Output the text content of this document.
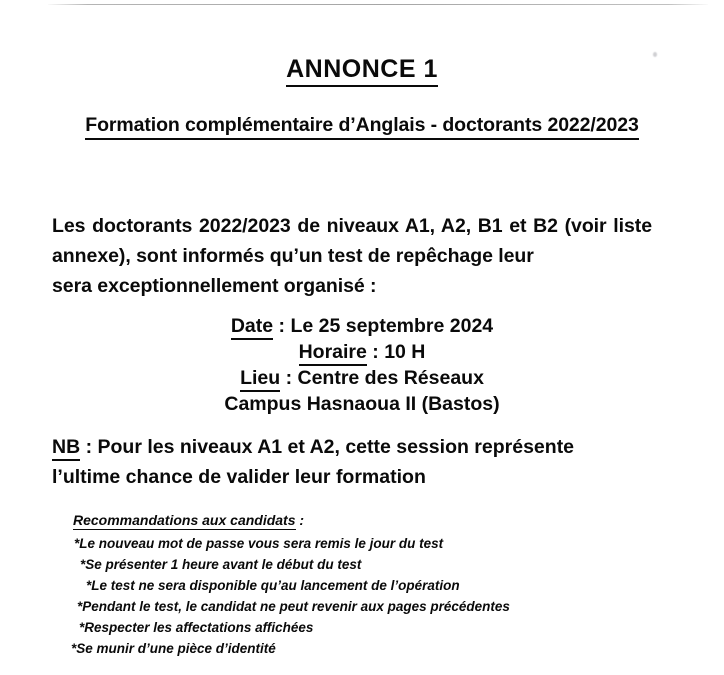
ANNONCE 1
Formation complémentaire d’Anglais - doctorants 2022/2023
Les doctorants 2022/2023 de niveaux A1, A2, B1 et B2 (voir liste annexe), sont informés qu’un test de repêchage leur
sera exceptionnellement organisé :
Date : Le 25 septembre 2024
Horaire : 10 H
Lieu : Centre des Réseaux
Campus Hasnaoua II (Bastos)
NB : Pour les niveaux A1 et A2, cette session représente
l’ultime chance de valider leur formation
Recommandations aux candidats :
*Le nouveau mot de passe vous sera remis le jour du test
*Se présenter 1 heure avant le début du test
*Le test ne sera disponible qu’au lancement de l’opération
*Pendant le test, le candidat ne peut revenir aux pages précédentes
*Respecter les affectations affichées
*Se munir d’une pièce d’identité
